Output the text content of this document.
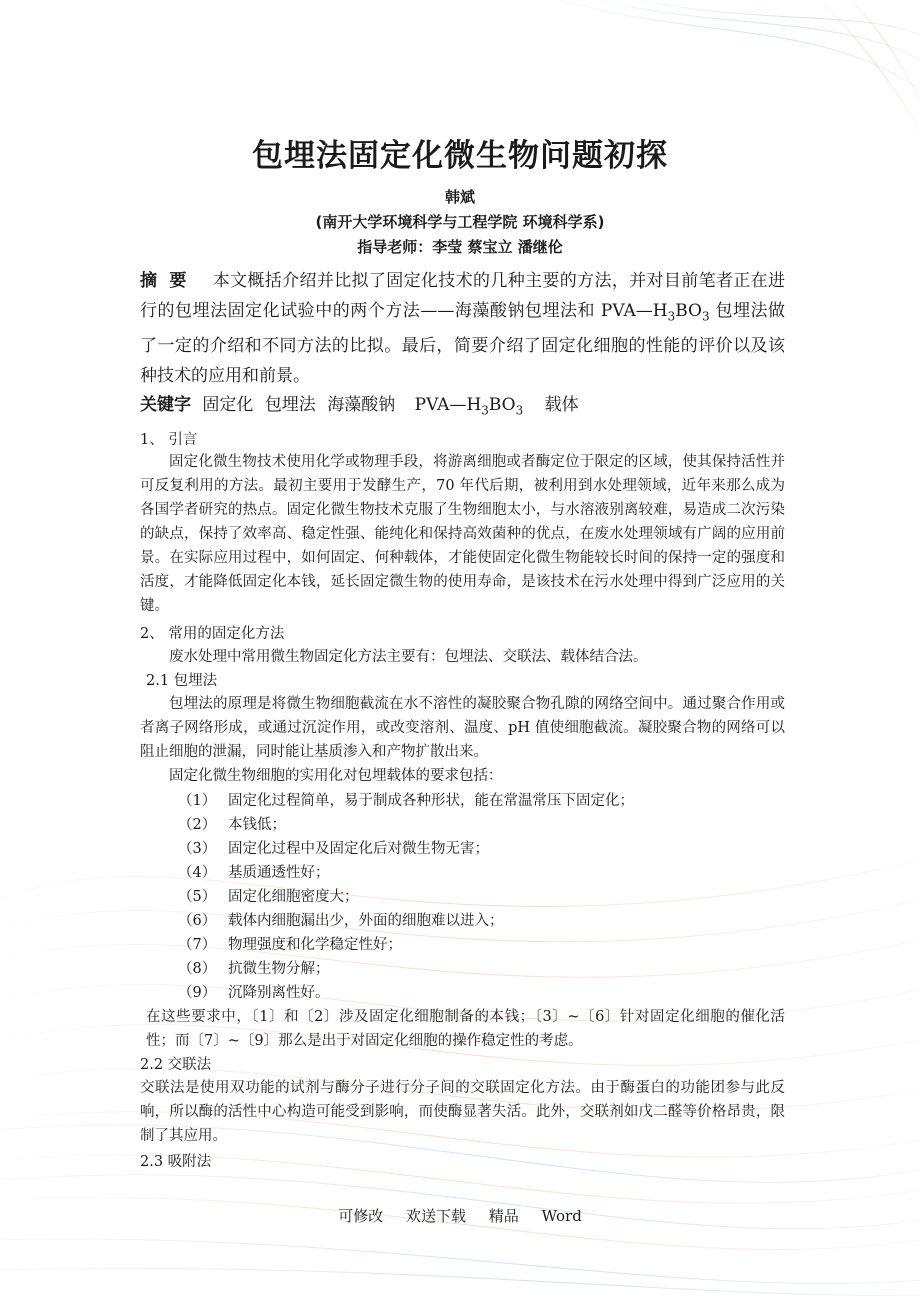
包埋法固定化微生物问题初探
韩斌
(南开大学环境科学与工程学院 环境科学系)
指导老师：李莹 蔡宝立 潘继伦
摘要 本文概括介绍并比拟了固定化技术的几种主要的方法，并对目前笔者正在进行的包埋法固定化试验中的两个方法——海藻酸钠包埋法和 $PVA—H_3BO_3$ 包埋法做了一定的介绍和不同方法的比拟。最后，简要介绍了固定化细胞的性能的评价以及该种技术的应用和前景。
关键字 固定化 包埋法 海藻酸钠 $PVA—H_3BO_3$ 载体
1、 引言

固定化微生物技术使用化学或物理手段，将游离细胞或者酶定位于限定的区域，使其保持活性并可反复利用的方法。最初主要用于发酵生产，70 年代后期，被利用到水处理领域，近年来那么成为各国学者研究的热点。固定化微生物技术克服了生物细胞太小，与水溶液别离较难，易造成二次污染的缺点，保持了效率高、稳定性强、能纯化和保持高效菌种的优点，在废水处理领域有广阔的应用前景。在实际应用过程中，如何固定、何种载体，才能使固定化微生物能较长时间的保持一定的强度和活度，才能降低固定化本钱，延长固定微生物的使用寿命，是该技术在污水处理中得到广泛应用的关键。

2、 常用的固定化方法

废水处理中常用微生物固定化方法主要有：包埋法、交联法、载体结合法。

2.1 包埋法

包埋法的原理是将微生物细胞截流在水不溶性的凝胶聚合物孔隙的网络空间中。通过聚合作用或者离子网络形成，或通过沉淀作用，或改变溶剂、温度、pH 值使细胞截流。凝胶聚合物的网络可以阻止细胞的泄漏，同时能让基质渗入和产物扩散出来。

固定化微生物细胞的实用化对包埋载体的要求包括：

（1） 固定化过程简单，易于制成各种形状，能在常温常压下固定化；
（2） 本钱低；
（3） 固定化过程中及固定化后对微生物无害；
（4） 基质通透性好；
（5） 固定化细胞密度大；
（6） 载体内细胞漏出少，外面的细胞难以进入；
（7） 物理强度和化学稳定性好；
（8） 抗微生物分解；
（9） 沉降别离性好。

在这些要求中，〔1〕和〔2〕涉及固定化细胞制备的本钱；〔3〕~〔6〕针对固定化细胞的催化活性；而〔7〕~〔9〕那么是出于对固定化细胞的操作稳定性的考虑。

2.2 交联法

交联法是使用双功能的试剂与酶分子进行分子间的交联固定化方法。由于酶蛋白的功能团参与此反响，所以酶的活性中心构造可能受到影响，而使酶显著失活。此外，交联剂如戊二醛等价格昂贵，限制了其应用。

2.3 吸附法
可修改 欢送下载 精品 Word
